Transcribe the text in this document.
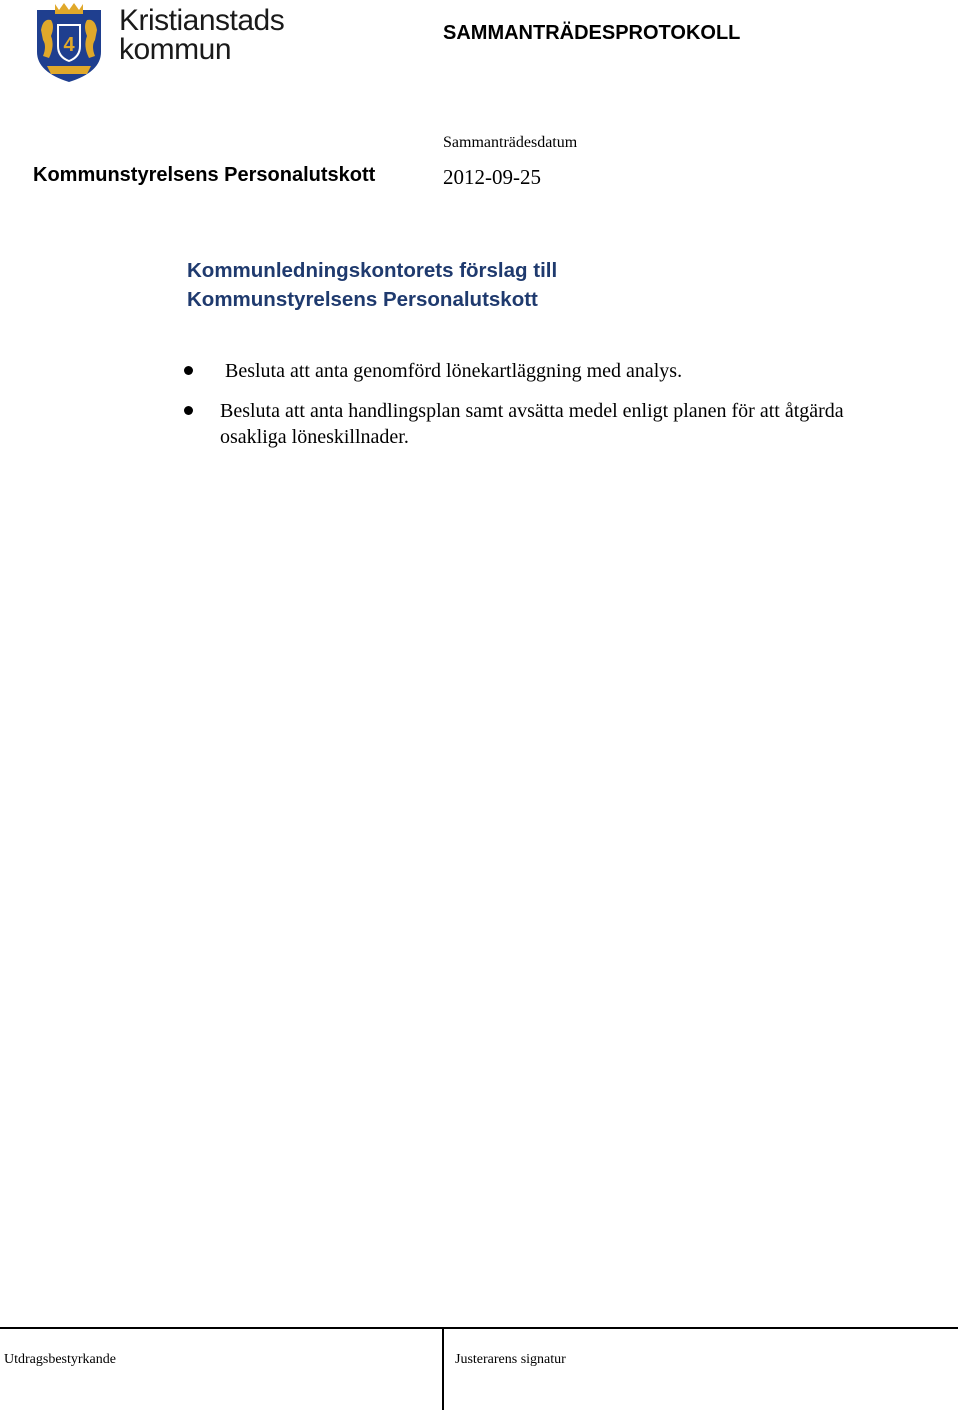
4
Kristianstads
kommun	SAMMANTRÄDESPROTOKOLL
Sammanträdesdatum
Kommunstyrelsens Personalutskott	2012-09-25
Kommunledningskontorets förslag till
Kommunstyrelsens Personalutskott
Besluta att anta genomförd lönekartläggning med analys.
Besluta att anta handlingsplan samt avsätta medel enligt planen för att åtgärda osakliga löneskillnader.
Utdragsbestyrkande	Justerarens signatur
